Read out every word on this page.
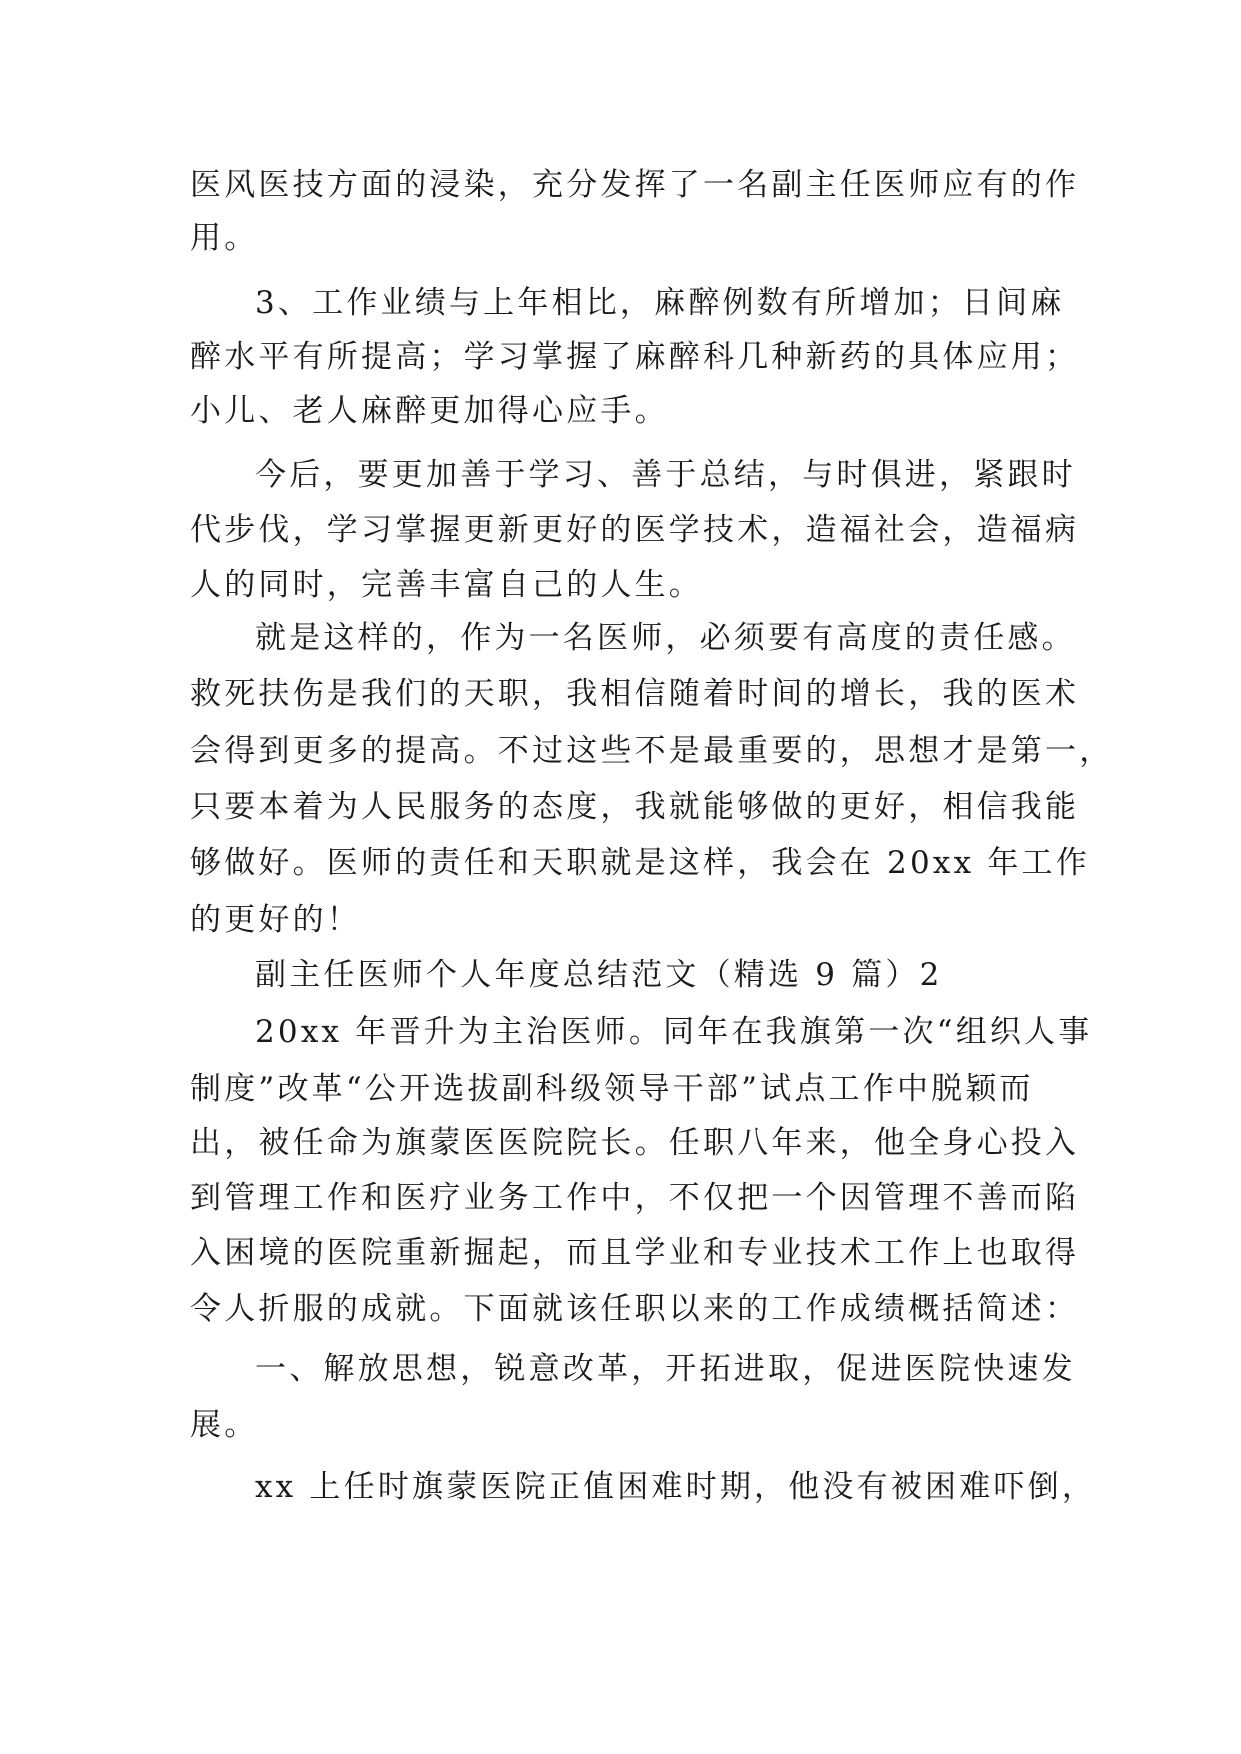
医风医技方面的浸染，充分发挥了一名副主任医师应有的作
用。
3、工作业绩与上年相比，麻醉例数有所增加；日间麻
醉水平有所提高；学习掌握了麻醉科几种新药的具体应用；
小儿、老人麻醉更加得心应手。
今后，要更加善于学习、善于总结，与时俱进，紧跟时
代步伐，学习掌握更新更好的医学技术，造福社会，造福病
人的同时，完善丰富自己的人生。
就是这样的，作为一名医师，必须要有高度的责任感。
救死扶伤是我们的天职，我相信随着时间的增长，我的医术
会得到更多的提高。不过这些不是最重要的，思想才是第一，
只要本着为人民服务的态度，我就能够做的更好，相信我能
够做好。医师的责任和天职就是这样，我会在 20xx 年工作
的更好的！
副主任医师个人年度总结范文（精选 9 篇）2
20xx 年晋升为主治医师。同年在我旗第一次“组织人事
制度”改革“公开选拔副科级领导干部”试点工作中脱颖而
出，被任命为旗蒙医医院院长。任职八年来，他全身心投入
到管理工作和医疗业务工作中，不仅把一个因管理不善而陷
入困境的医院重新掘起，而且学业和专业技术工作上也取得
令人折服的成就。下面就该任职以来的工作成绩概括简述：
一、解放思想，锐意改革，开拓进取，促进医院快速发
展。
xx 上任时旗蒙医院正值困难时期，他没有被困难吓倒，
